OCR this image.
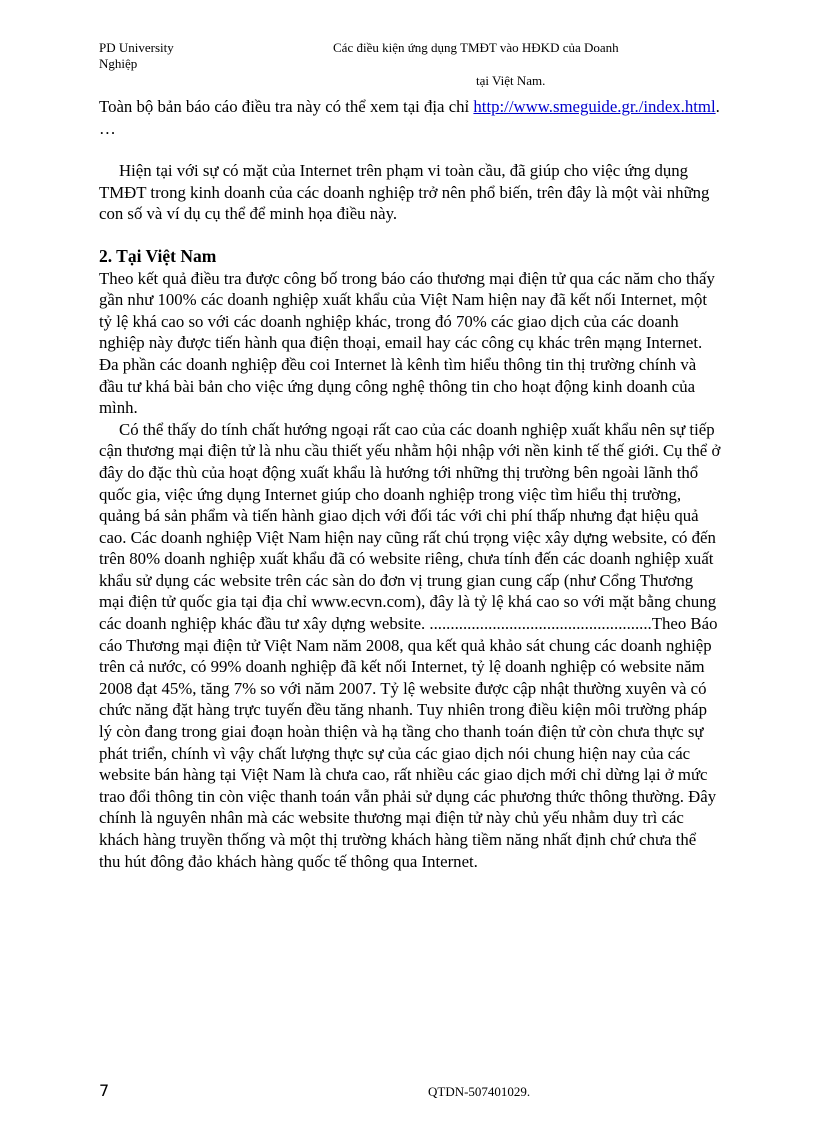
PD University
Nghiệp
Các điều kiện ứng dụng TMĐT vào HĐKD của Doanh
tại Việt Nam.

Toàn bộ bản báo cáo điều tra này có thể xem tại địa chỉ http://www.smeguide.gr./index.html.

…

Hiện tại với sự có mặt của Internet trên phạm vi toàn cầu, đã giúp cho việc ứng dụng TMĐT trong kinh doanh của các doanh nghiệp trở nên phổ biến, trên đây là một vài những con số và ví dụ cụ thể để minh họa điều này.

2. Tại Việt Nam

Theo kết quả điều tra được công bố trong báo cáo thương mại điện tử qua các năm cho thấy gần như 100% các doanh nghiệp xuất khẩu của Việt Nam hiện nay đã kết nối Internet, một tỷ lệ khá cao so với các doanh nghiệp khác, trong đó 70% các giao dịch của các doanh nghiệp này được tiến hành qua điện thoại, email hay các công cụ khác trên mạng Internet. Đa phần các doanh nghiệp đều coi Internet là kênh tìm hiểu thông tin thị trường chính và đầu tư khá bài bản cho việc ứng dụng công nghệ thông tin cho hoạt động kinh doanh của mình.

Có thể thấy do tính chất hướng ngoại rất cao của các doanh nghiệp xuất khẩu nên sự tiếp cận thương mại điện tử là nhu cầu thiết yếu nhằm hội nhập với nền kinh tế thế giới. Cụ thể ở đây do đặc thù của hoạt động xuất khẩu là hướng tới những thị trường bên ngoài lãnh thổ quốc gia, việc ứng dụng Internet giúp cho doanh nghiệp trong việc tìm hiểu thị trường, quảng bá sản phẩm và tiến hành giao dịch với đối tác với chi phí thấp nhưng đạt hiệu quả cao. Các doanh nghiệp Việt Nam hiện nay cũng rất chú trọng việc xây dựng website, có đến trên 80% doanh nghiệp xuất khẩu đã có website riêng, chưa tính đến các doanh nghiệp xuất khẩu sử dụng các website trên các sàn do đơn vị trung gian cung cấp (như Cổng Thương mại điện tử quốc gia tại địa chỉ www.ecvn.com), đây là tỷ lệ khá cao so với mặt bằng chung các doanh nghiệp khác đầu tư xây dựng website. .....................................................Theo Báo cáo Thương mại điện tử Việt Nam năm 2008, qua kết quả khảo sát chung các doanh nghiệp trên cả nước, có 99% doanh nghiệp đã kết nối Internet, tỷ lệ doanh nghiệp có website năm 2008 đạt 45%, tăng 7% so với năm 2007. Tỷ lệ website được cập nhật thường xuyên và có chức năng đặt hàng trực tuyến đều tăng nhanh. Tuy nhiên trong điều kiện môi trường pháp lý còn đang trong giai đoạn hoàn thiện và hạ tầng cho thanh toán điện tử còn chưa thực sự phát triển, chính vì vậy chất lượng thực sự của các giao dịch nói chung hiện nay của các website bán hàng tại Việt Nam là chưa cao, rất nhiều các giao dịch mới chỉ dừng lại ở mức trao đổi thông tin còn việc thanh toán vẫn phải sử dụng các phương thức thông thường. Đây chính là nguyên nhân mà các website thương mại điện tử này chủ yếu nhằm duy trì các khách hàng truyền thống và một thị trường khách hàng tiềm năng nhất định chứ chưa thể thu hút đông đảo khách hàng quốc tế thông qua Internet.

7	QTDN-507401029.
